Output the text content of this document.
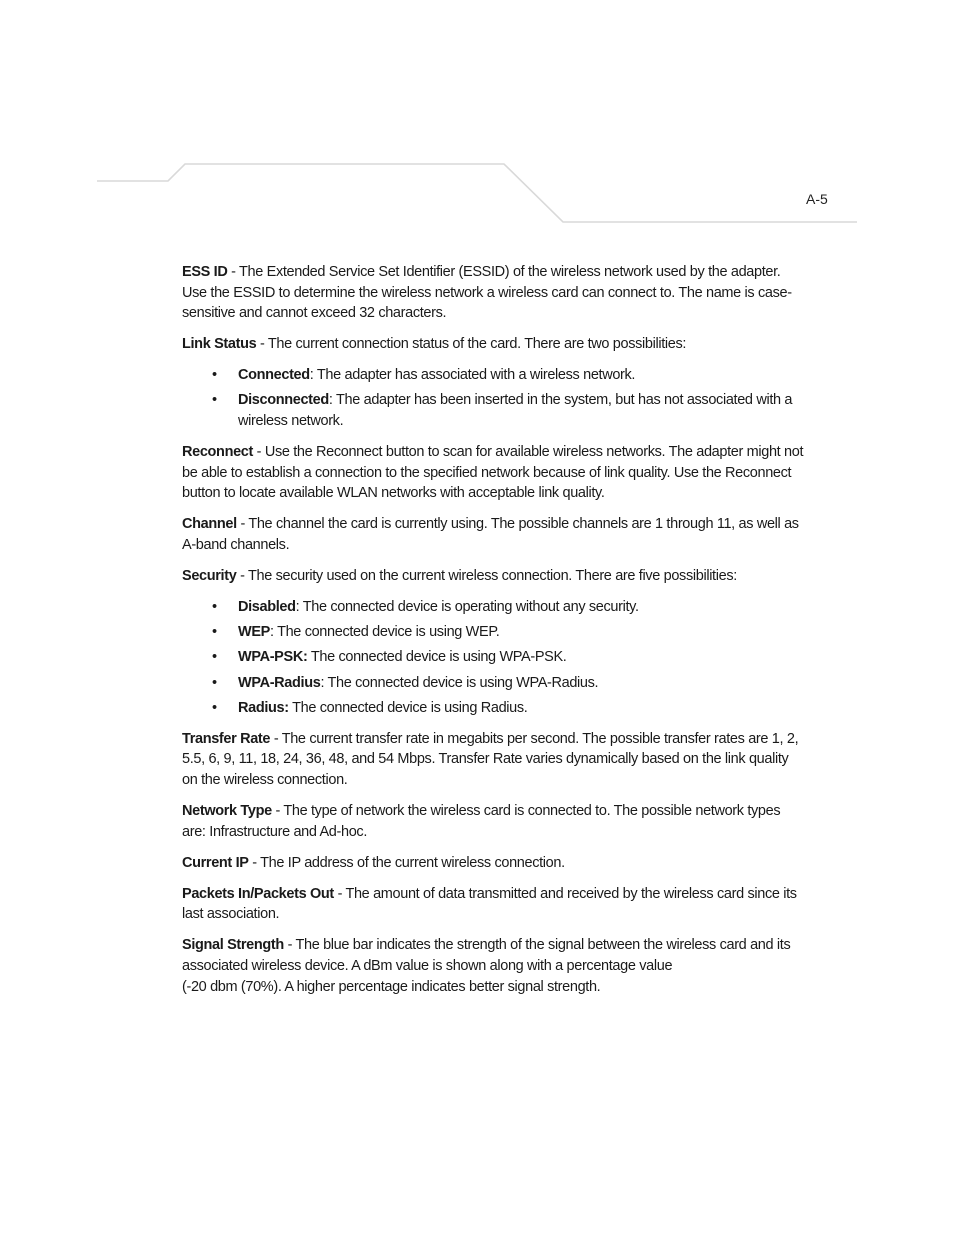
A-5

ESS ID - The Extended Service Set Identifier (ESSID) of the wireless network used by the adapter. Use the ESSID to determine the wireless network a wireless card can connect to. The name is case-sensitive and cannot exceed 32 characters.

Link Status - The current connection status of the card. There are two possibilities:

• Connected: The adapter has associated with a wireless network.
• Disconnected: The adapter has been inserted in the system, but has not associated with a wireless network.

Reconnect - Use the Reconnect button to scan for available wireless networks. The adapter might not be able to establish a connection to the specified network because of link quality. Use the Reconnect button to locate available WLAN networks with acceptable link quality.

Channel - The channel the card is currently using. The possible channels are 1 through 11, as well as A-band channels.

Security - The security used on the current wireless connection. There are five possibilities:

• Disabled: The connected device is operating without any security.
• WEP: The connected device is using WEP.
• WPA-PSK: The connected device is using WPA-PSK.
• WPA-Radius: The connected device is using WPA-Radius.
• Radius: The connected device is using Radius.

Transfer Rate - The current transfer rate in megabits per second. The possible transfer rates are 1, 2, 5.5, 6, 9, 11, 18, 24, 36, 48, and 54 Mbps. Transfer Rate varies dynamically based on the link quality on the wireless connection.

Network Type - The type of network the wireless card is connected to. The possible network types are: Infrastructure and Ad-hoc.

Current IP - The IP address of the current wireless connection.

Packets In/Packets Out - The amount of data transmitted and received by the wireless card since its last association.

Signal Strength - The blue bar indicates the strength of the signal between the wireless card and its associated wireless device. A dBm value is shown along with a percentage value
(-20 dbm (70%). A higher percentage indicates better signal strength.
